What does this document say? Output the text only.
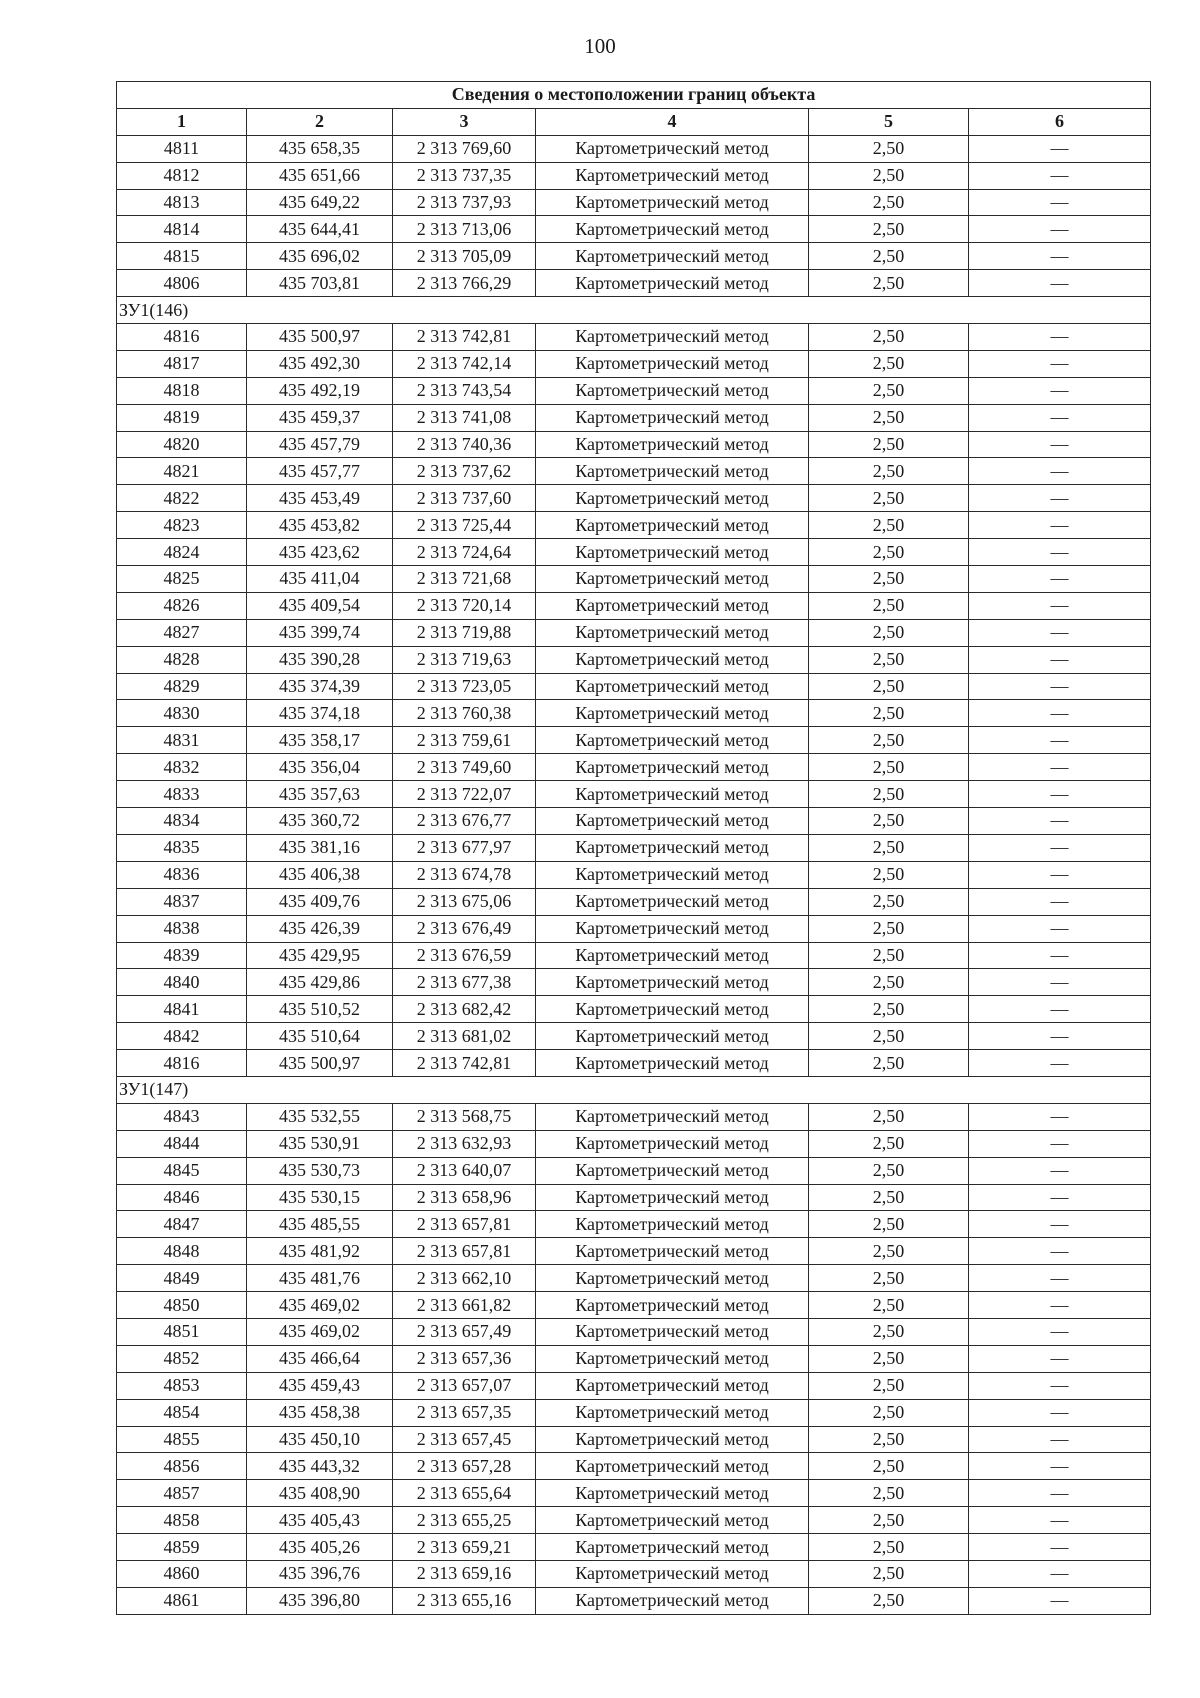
100
Сведения о местоположении границ объекта					
1	2	3	4	5	6
4811	435 658,35	2 313 769,60	Картометрический метод	2,50	—
4812	435 651,66	2 313 737,35	Картометрический метод	2,50	—
4813	435 649,22	2 313 737,93	Картометрический метод	2,50	—
4814	435 644,41	2 313 713,06	Картометрический метод	2,50	—
4815	435 696,02	2 313 705,09	Картометрический метод	2,50	—
4806	435 703,81	2 313 766,29	Картометрический метод	2,50	—
ЗУ1(146)					
4816	435 500,97	2 313 742,81	Картометрический метод	2,50	—
4817	435 492,30	2 313 742,14	Картометрический метод	2,50	—
4818	435 492,19	2 313 743,54	Картометрический метод	2,50	—
4819	435 459,37	2 313 741,08	Картометрический метод	2,50	—
4820	435 457,79	2 313 740,36	Картометрический метод	2,50	—
4821	435 457,77	2 313 737,62	Картометрический метод	2,50	—
4822	435 453,49	2 313 737,60	Картометрический метод	2,50	—
4823	435 453,82	2 313 725,44	Картометрический метод	2,50	—
4824	435 423,62	2 313 724,64	Картометрический метод	2,50	—
4825	435 411,04	2 313 721,68	Картометрический метод	2,50	—
4826	435 409,54	2 313 720,14	Картометрический метод	2,50	—
4827	435 399,74	2 313 719,88	Картометрический метод	2,50	—
4828	435 390,28	2 313 719,63	Картометрический метод	2,50	—
4829	435 374,39	2 313 723,05	Картометрический метод	2,50	—
4830	435 374,18	2 313 760,38	Картометрический метод	2,50	—
4831	435 358,17	2 313 759,61	Картометрический метод	2,50	—
4832	435 356,04	2 313 749,60	Картометрический метод	2,50	—
4833	435 357,63	2 313 722,07	Картометрический метод	2,50	—
4834	435 360,72	2 313 676,77	Картометрический метод	2,50	—
4835	435 381,16	2 313 677,97	Картометрический метод	2,50	—
4836	435 406,38	2 313 674,78	Картометрический метод	2,50	—
4837	435 409,76	2 313 675,06	Картометрический метод	2,50	—
4838	435 426,39	2 313 676,49	Картометрический метод	2,50	—
4839	435 429,95	2 313 676,59	Картометрический метод	2,50	—
4840	435 429,86	2 313 677,38	Картометрический метод	2,50	—
4841	435 510,52	2 313 682,42	Картометрический метод	2,50	—
4842	435 510,64	2 313 681,02	Картометрический метод	2,50	—
4816	435 500,97	2 313 742,81	Картометрический метод	2,50	—
ЗУ1(147)					
4843	435 532,55	2 313 568,75	Картометрический метод	2,50	—
4844	435 530,91	2 313 632,93	Картометрический метод	2,50	—
4845	435 530,73	2 313 640,07	Картометрический метод	2,50	—
4846	435 530,15	2 313 658,96	Картометрический метод	2,50	—
4847	435 485,55	2 313 657,81	Картометрический метод	2,50	—
4848	435 481,92	2 313 657,81	Картометрический метод	2,50	—
4849	435 481,76	2 313 662,10	Картометрический метод	2,50	—
4850	435 469,02	2 313 661,82	Картометрический метод	2,50	—
4851	435 469,02	2 313 657,49	Картометрический метод	2,50	—
4852	435 466,64	2 313 657,36	Картометрический метод	2,50	—
4853	435 459,43	2 313 657,07	Картометрический метод	2,50	—
4854	435 458,38	2 313 657,35	Картометрический метод	2,50	—
4855	435 450,10	2 313 657,45	Картометрический метод	2,50	—
4856	435 443,32	2 313 657,28	Картометрический метод	2,50	—
4857	435 408,90	2 313 655,64	Картометрический метод	2,50	—
4858	435 405,43	2 313 655,25	Картометрический метод	2,50	—
4859	435 405,26	2 313 659,21	Картометрический метод	2,50	—
4860	435 396,76	2 313 659,16	Картометрический метод	2,50	—
4861	435 396,80	2 313 655,16	Картометрический метод	2,50	—
